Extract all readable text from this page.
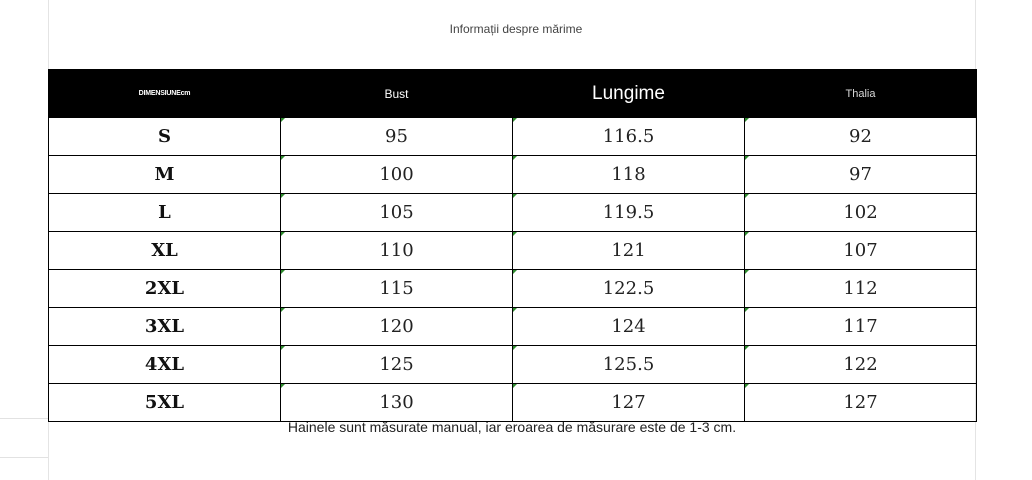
Informații despre mărime
DIMENSIUNEcm	Bust	Lungime	Thalia
S	95	116.5	92
M	100	118	97
L	105	119.5	102
XL	110	121	107
2XL	115	122.5	112
3XL	120	124	117
4XL	125	125.5	122
5XL	130	127	127
Hainele sunt măsurate manual, iar eroarea de măsurare este de 1-3 cm.
